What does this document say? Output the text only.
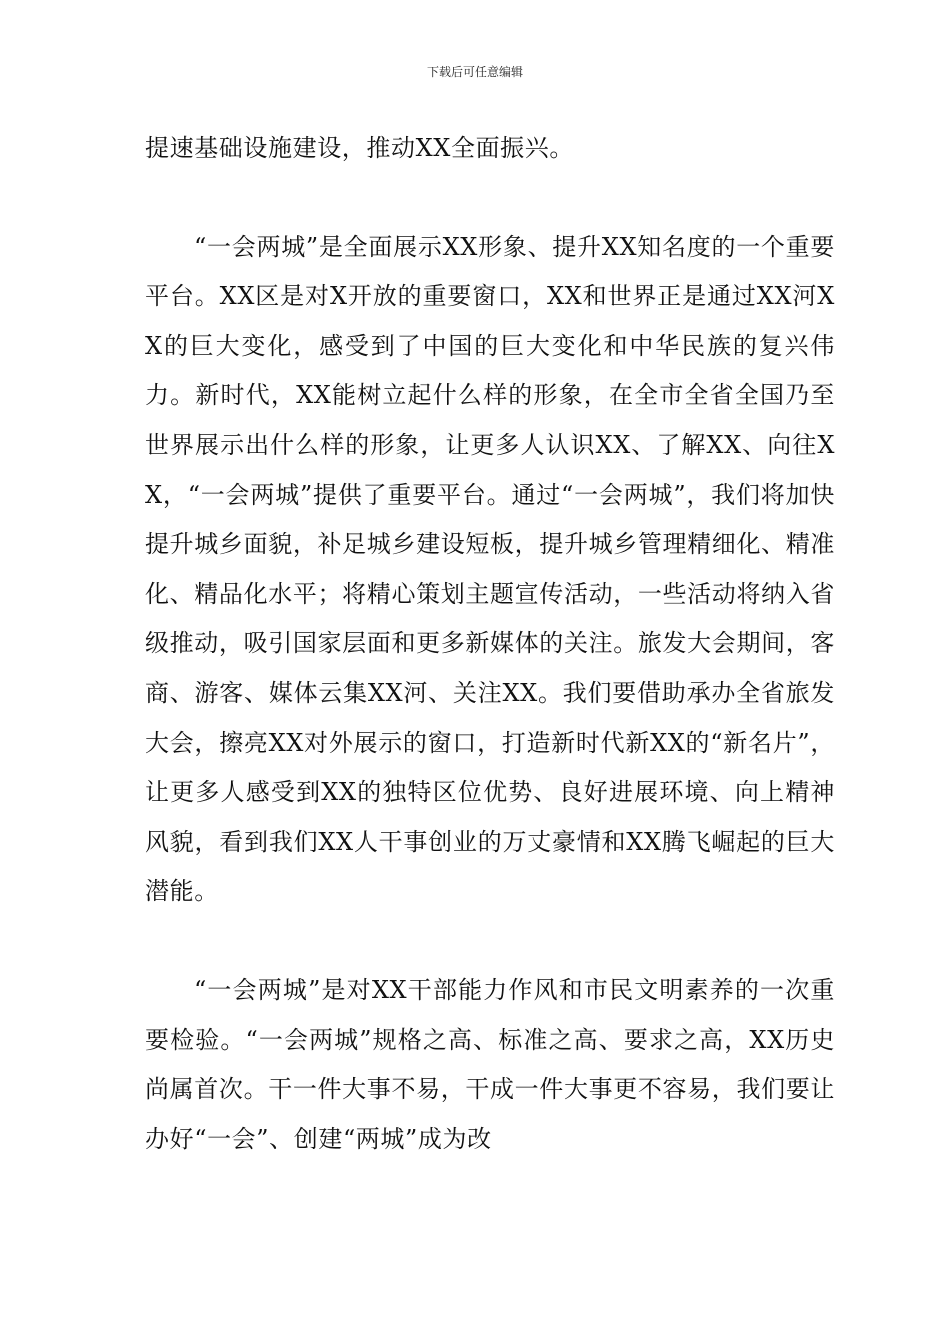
下载后可任意编辑

提速基础设施建设，推动XX全面振兴。

“一会两城”是全面展示XX形象、提升XX知名度的一个重要平台。XX区是对X开放的重要窗口，XX和世界正是通过XX河XX的巨大变化，感受到了中国的巨大变化和中华民族的复兴伟力。新时代，XX能树立起什么样的形象，在全市全省全国乃至世界展示出什么样的形象，让更多人认识XX、了解XX、向往XX，“一会两城”提供了重要平台。通过“一会两城”，我们将加快提升城乡面貌，补足城乡建设短板，提升城乡管理精细化、精准化、精品化水平；将精心策划主题宣传活动，一些活动将纳入省级推动，吸引国家层面和更多新媒体的关注。旅发大会期间，客商、游客、媒体云集XX河、关注XX。我们要借助承办全省旅发大会，擦亮XX对外展示的窗口，打造新时代新XX的“新名片”，让更多人感受到XX的独特区位优势、良好进展环境、向上精神风貌，看到我们XX人干事创业的万丈豪情和XX腾飞崛起的巨大潜能。

“一会两城”是对XX干部能力作风和市民文明素养的一次重要检验。“一会两城”规格之高、标准之高、要求之高，XX历史尚属首次。干一件大事不易，干成一件大事更不容易，我们要让办好“一会”、创建“两城”成为改
